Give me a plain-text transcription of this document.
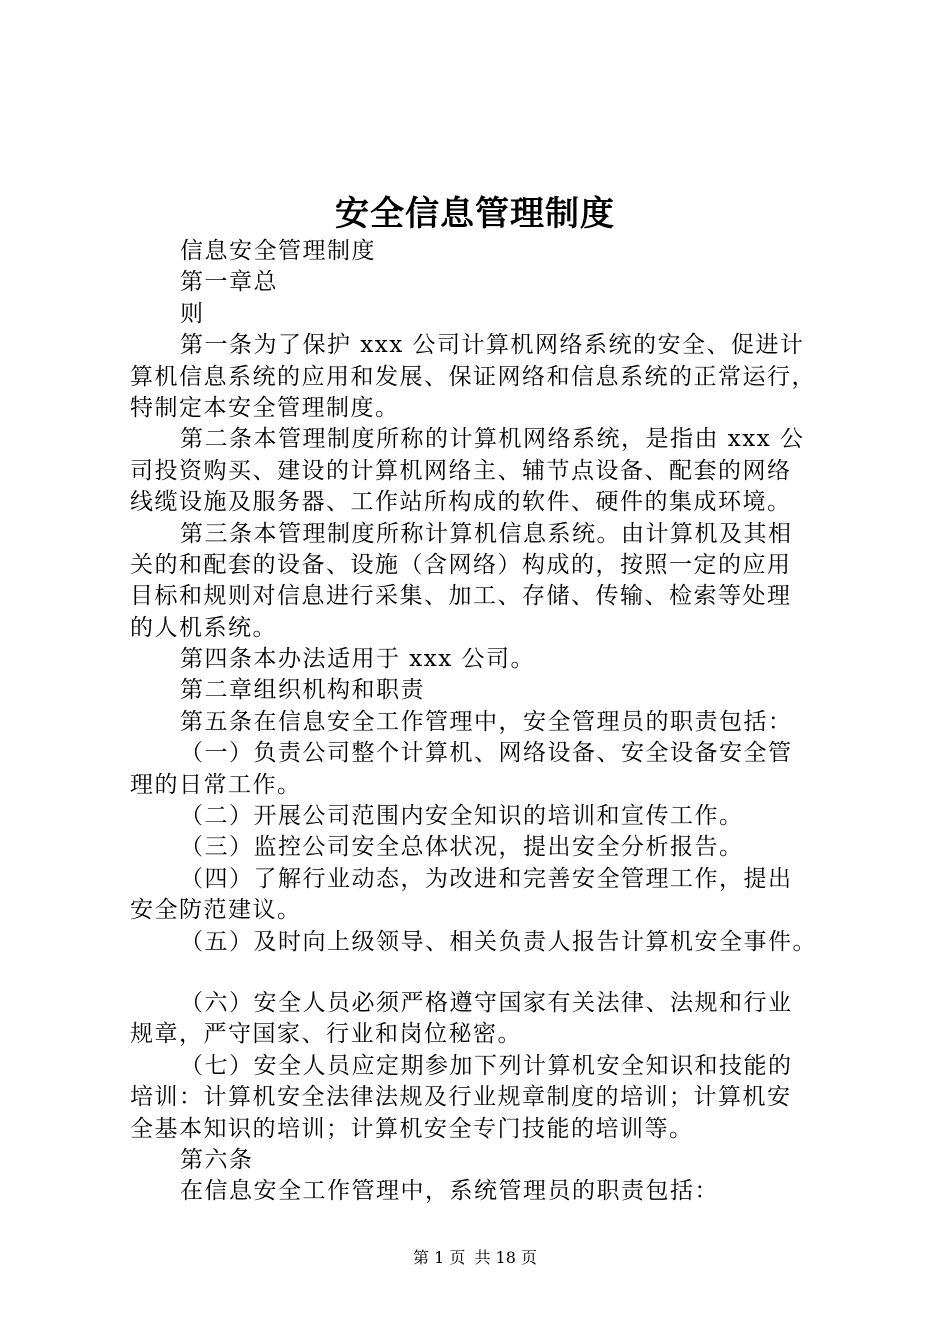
安全信息管理制度
信息安全管理制度
第一章总
则
第一条为了保护 xxx 公司计算机网络系统的安全、促进计
算机信息系统的应用和发展、保证网络和信息系统的正常运行，
特制定本安全管理制度。
第二条本管理制度所称的计算机网络系统，是指由 xxx 公
司投资购买、建设的计算机网络主、辅节点设备、配套的网络
线缆设施及服务器、工作站所构成的软件、硬件的集成环境。
第三条本管理制度所称计算机信息系统。由计算机及其相
关的和配套的设备、设施（含网络）构成的，按照一定的应用
目标和规则对信息进行采集、加工、存储、传输、检索等处理
的人机系统。
第四条本办法适用于 xxx 公司。
第二章组织机构和职责
第五条在信息安全工作管理中，安全管理员的职责包括：
（一）负责公司整个计算机、网络设备、安全设备安全管
理的日常工作。
（二）开展公司范围内安全知识的培训和宣传工作。
（三）监控公司安全总体状况，提出安全分析报告。
（四）了解行业动态，为改进和完善安全管理工作，提出
安全防范建议。
（五）及时向上级领导、相关负责人报告计算机安全事件。
（六）安全人员必须严格遵守国家有关法律、法规和行业
规章，严守国家、行业和岗位秘密。
（七）安全人员应定期参加下列计算机安全知识和技能的
培训：计算机安全法律法规及行业规章制度的培训；计算机安
全基本知识的培训；计算机安全专门技能的培训等。
第六条
在信息安全工作管理中，系统管理员的职责包括：
第 1 页 共 18 页
